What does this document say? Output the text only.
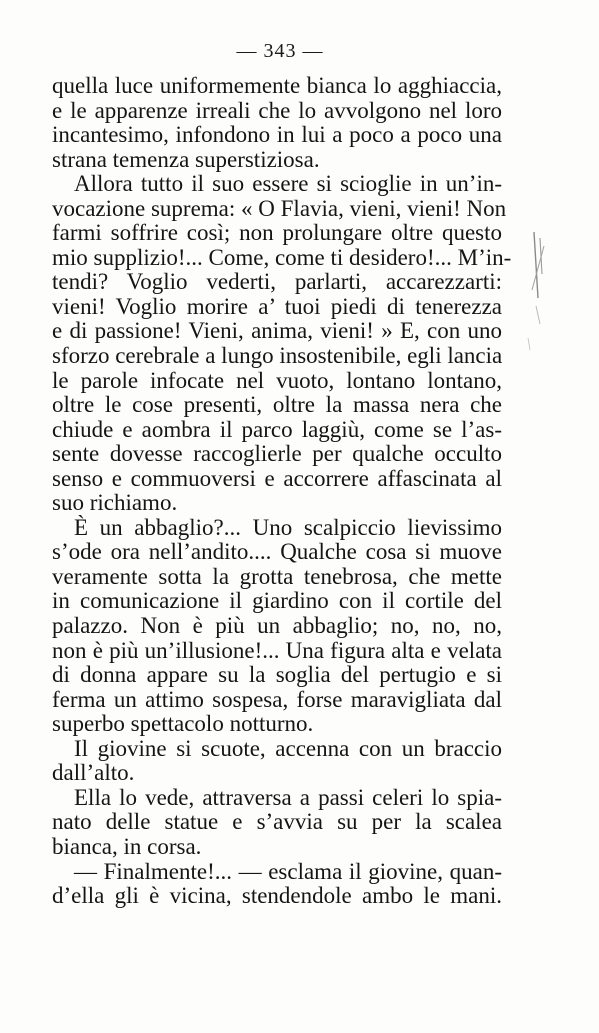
— 343 —
quella luce uniformemente bianca lo agghiaccia,
e le apparenze irreali che lo avvolgono nel loro
incantesimo, infondono in lui a poco a poco una
strana temenza superstiziosa.
Allora tutto il suo essere si scioglie in un’in-
vocazione suprema: « O Flavia, vieni, vieni! Non
farmi soffrire così; non prolungare oltre questo
mio supplizio!... Come, come ti desidero!... M’in-
tendi? Voglio vederti, parlarti, accarezzarti:
vieni! Voglio morire a’ tuoi piedi di tenerezza
e di passione! Vieni, anima, vieni! » E, con uno
sforzo cerebrale a lungo insostenibile, egli lancia
le parole infocate nel vuoto, lontano lontano,
oltre le cose presenti, oltre la massa nera che
chiude e aombra il parco laggiù, come se l’as-
sente dovesse raccoglierle per qualche occulto
senso e commuoversi e accorrere affascinata al
suo richiamo.
È un abbaglio?... Uno scalpiccio lievissimo
s’ode ora nell’andito.... Qualche cosa si muove
veramente sotta la grotta tenebrosa, che mette
in comunicazione il giardino con il cortile del
palazzo. Non è più un abbaglio; no, no, no,
non è più un’illusione!... Una figura alta e velata
di donna appare su la soglia del pertugio e si
ferma un attimo sospesa, forse maravigliata dal
superbo spettacolo notturno.
Il giovine si scuote, accenna con un braccio
dall’alto.
Ella lo vede, attraversa a passi celeri lo spia-
nato delle statue e s’avvia su per la scalea
bianca, in corsa.
— Finalmente!... — esclama il giovine, quan-
d’ella gli è vicina, stendendole ambo le mani.
